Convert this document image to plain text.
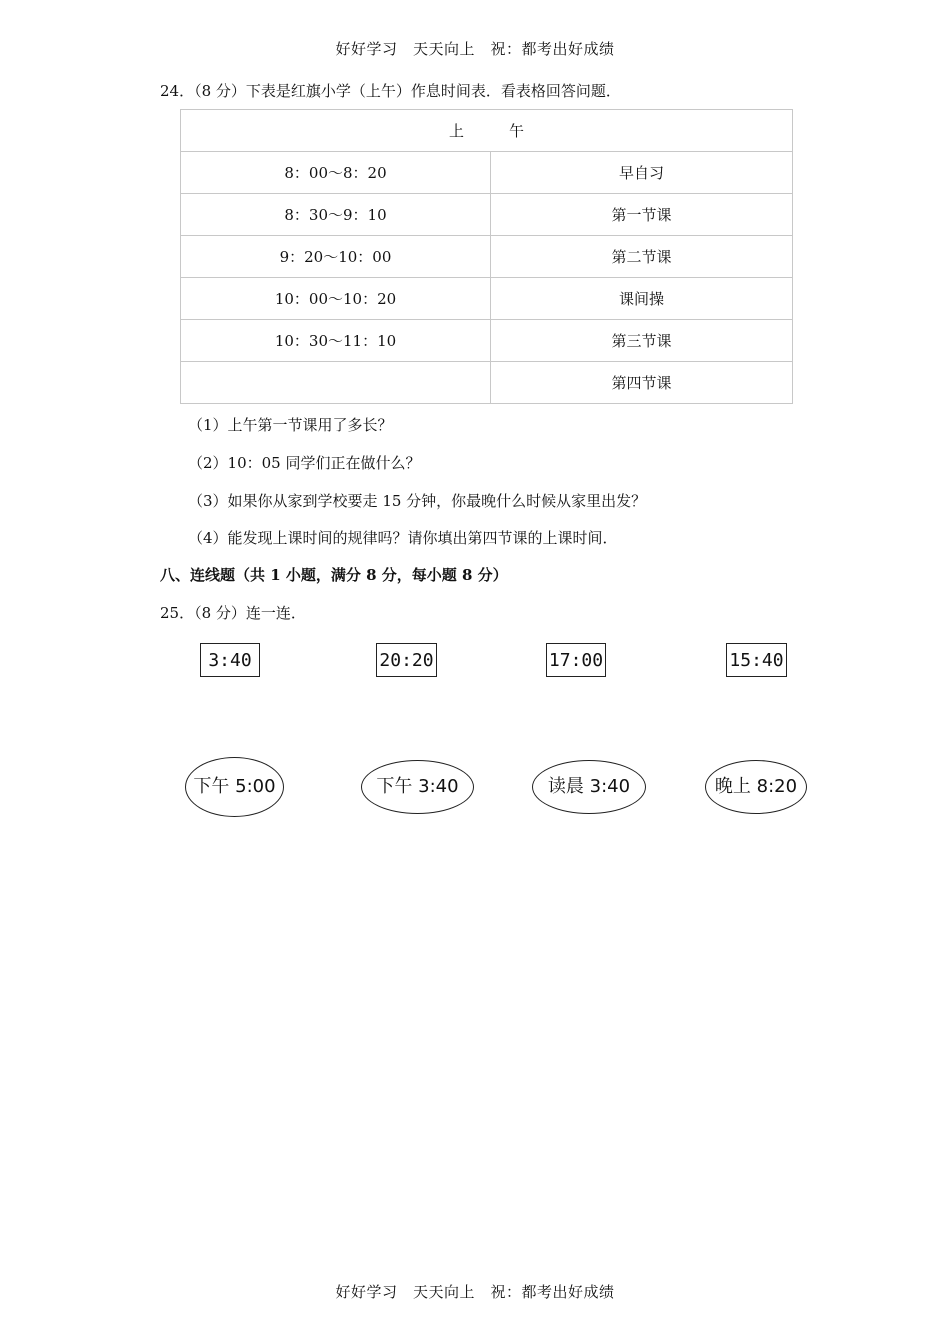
好好学习　天天向上　祝：都考出好成绩
24．（8 分）下表是红旗小学（上午）作息时间表．看表格回答问题．
上　　　午	
8：00～8：20	早自习
8：30～9：10	第一节课
9：20～10：00	第二节课
10：00～10：20	课间操
10：30～11：10	第三节课
	第四节课
（1）上午第一节课用了多长？
（2）10：05 同学们正在做什么？
（3）如果你从家到学校要走 15 分钟，你最晚什么时候从家里出发？
（4）能发现上课时间的规律吗？请你填出第四节课的上课时间．
八、连线题（共 1 小题，满分 8 分，每小题 8 分）
25．（8 分）连一连．
3:40	20:20	17:00	15:40
下午 5:00	下午 3:40	读晨 3:40	晚上 8:20
好好学习　天天向上　祝：都考出好成绩
